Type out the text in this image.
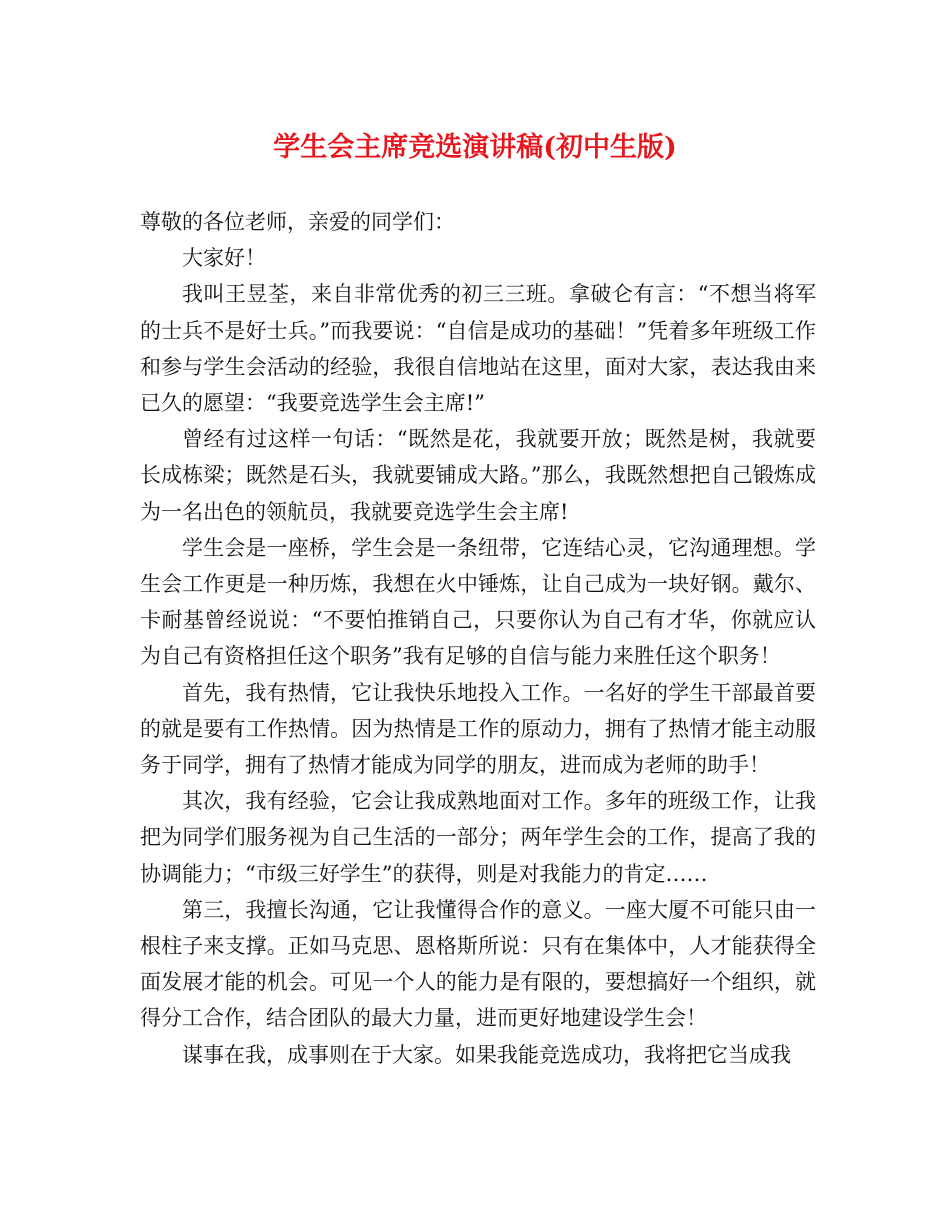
学生会主席竞选演讲稿(初中生版)

尊敬的各位老师，亲爱的同学们：

大家好！

我叫王昱荃，来自非常优秀的初三三班。拿破仑有言：“不想当将军的士兵不是好士兵。”而我要说：“自信是成功的基础！”凭着多年班级工作和参与学生会活动的经验，我很自信地站在这里，面对大家，表达我由来已久的愿望：“我要竞选学生会主席!”

曾经有过这样一句话：“既然是花，我就要开放；既然是树，我就要长成栋梁；既然是石头，我就要铺成大路。”那么，我既然想把自己锻炼成为一名出色的领航员，我就要竞选学生会主席!

学生会是一座桥，学生会是一条纽带，它连结心灵，它沟通理想。学生会工作更是一种历炼，我想在火中锤炼，让自己成为一块好钢。戴尔、卡耐基曾经说说：“不要怕推销自己，只要你认为自己有才华，你就应认为自己有资格担任这个职务”我有足够的自信与能力来胜任这个职务！

首先，我有热情，它让我快乐地投入工作。一名好的学生干部最首要的就是要有工作热情。因为热情是工作的原动力，拥有了热情才能主动服务于同学，拥有了热情才能成为同学的朋友，进而成为老师的助手！

其次，我有经验，它会让我成熟地面对工作。多年的班级工作，让我把为同学们服务视为自己生活的一部分；两年学生会的工作，提高了我的协调能力；“市级三好学生”的获得，则是对我能力的肯定……

第三，我擅长沟通，它让我懂得合作的意义。一座大厦不可能只由一根柱子来支撑。正如马克思、恩格斯所说：只有在集体中，人才能获得全面发展才能的机会。可见一个人的能力是有限的，要想搞好一个组织，就得分工合作，结合团队的最大力量，进而更好地建设学生会！

谋事在我，成事则在于大家。如果我能竞选成功，我将把它当成我
